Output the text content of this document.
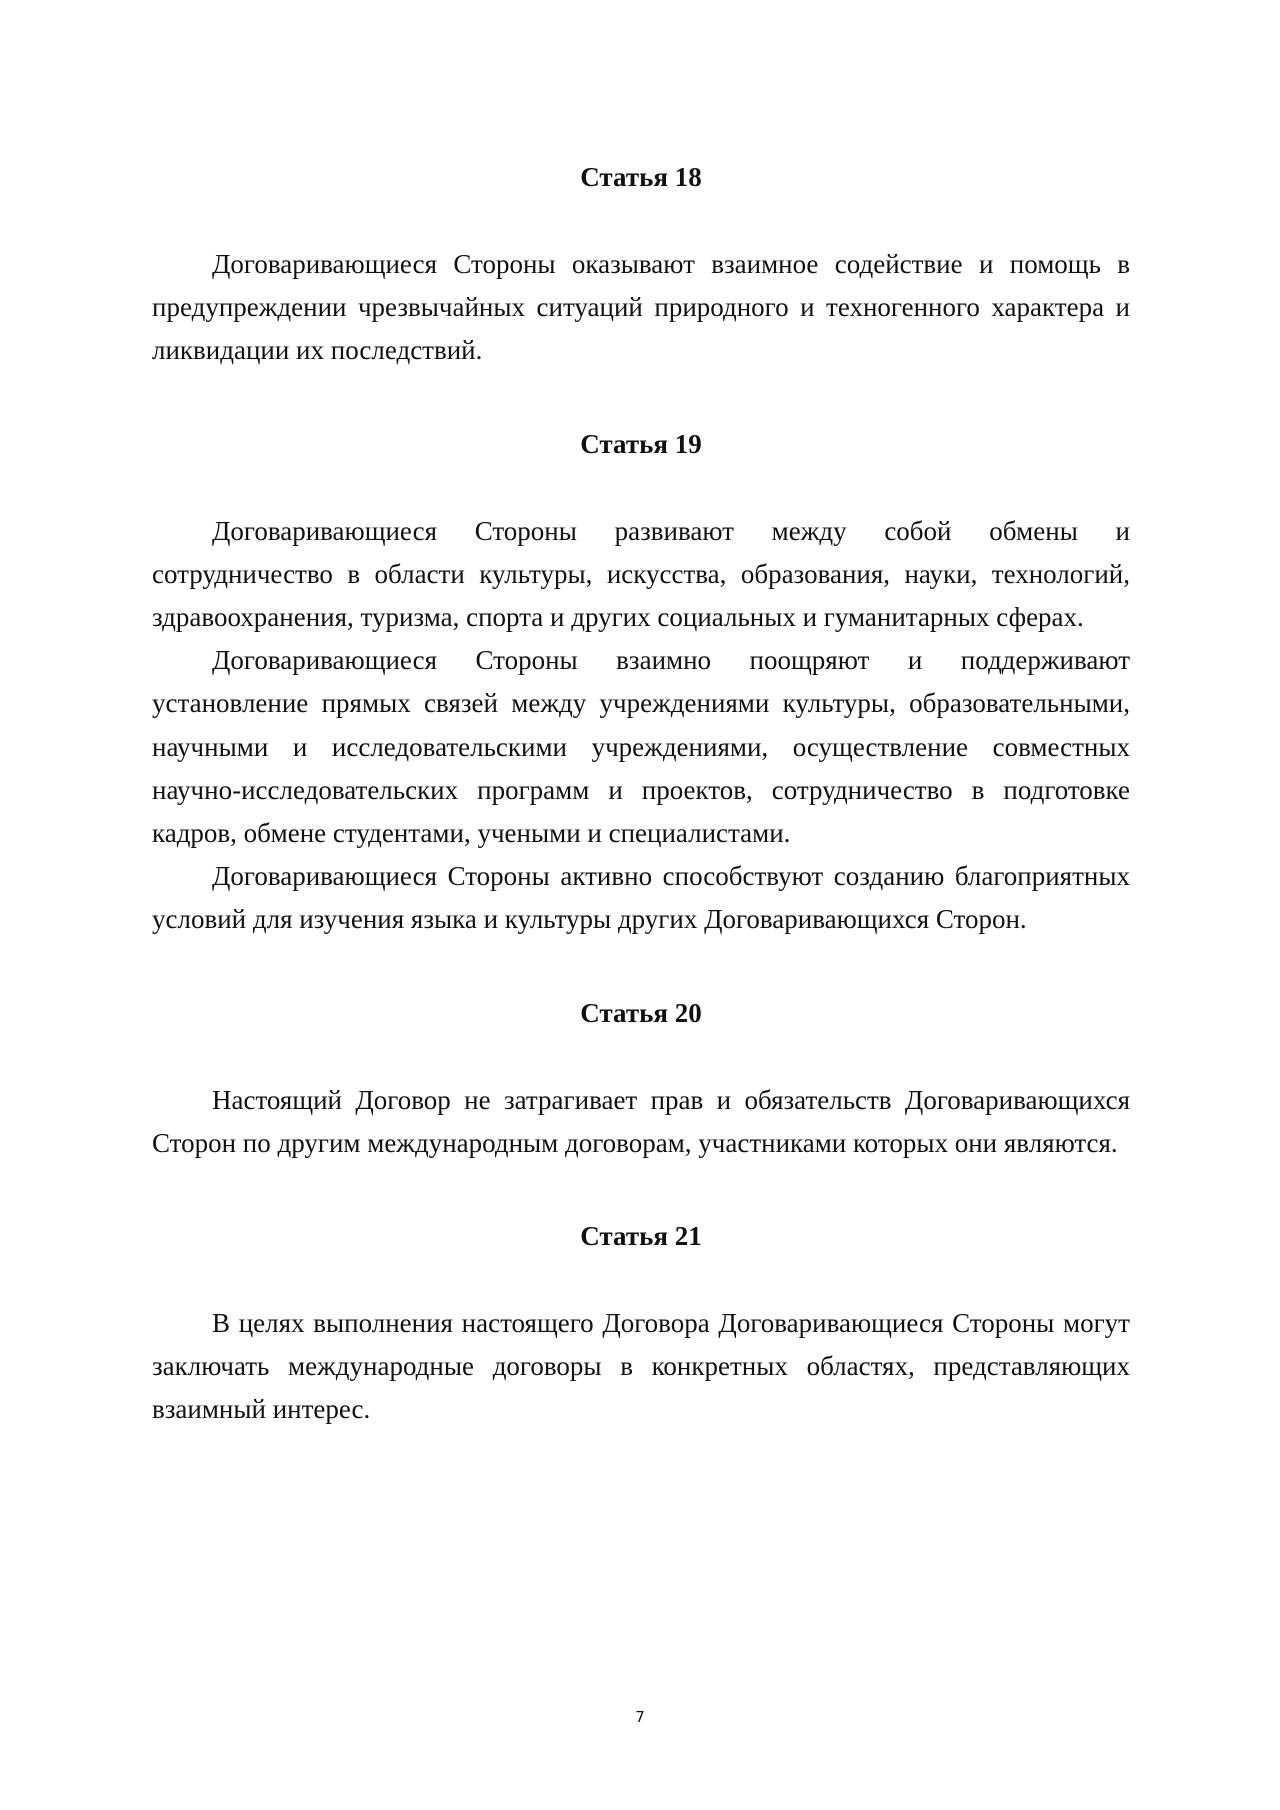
Статья 18

Договаривающиеся Стороны оказывают взаимное содействие и помощь в предупреждении чрезвычайных ситуаций природного и техногенного характера и ликвидации их последствий.

Статья 19

Договаривающиеся Стороны развивают между собой обмены и сотрудничество в области культуры, искусства, образования, науки, технологий, здравоохранения, туризма, спорта и других социальных и гуманитарных сферах.

Договаривающиеся Стороны взаимно поощряют и поддерживают установление прямых связей между учреждениями культуры, образовательными, научными и исследовательскими учреждениями, осуществление совместных научно-исследовательских программ и проектов, сотрудничество в подготовке кадров, обмене студентами, учеными и специалистами.

Договаривающиеся Стороны активно способствуют созданию благоприятных условий для изучения языка и культуры других Договаривающихся Сторон.

Статья 20

Настоящий Договор не затрагивает прав и обязательств Договаривающихся Сторон по другим международным договорам, участниками которых они являются.

Статья 21

В целях выполнения настоящего Договора Договаривающиеся Стороны могут заключать международные договоры в конкретных областях, представляющих взаимный интерес.

7
